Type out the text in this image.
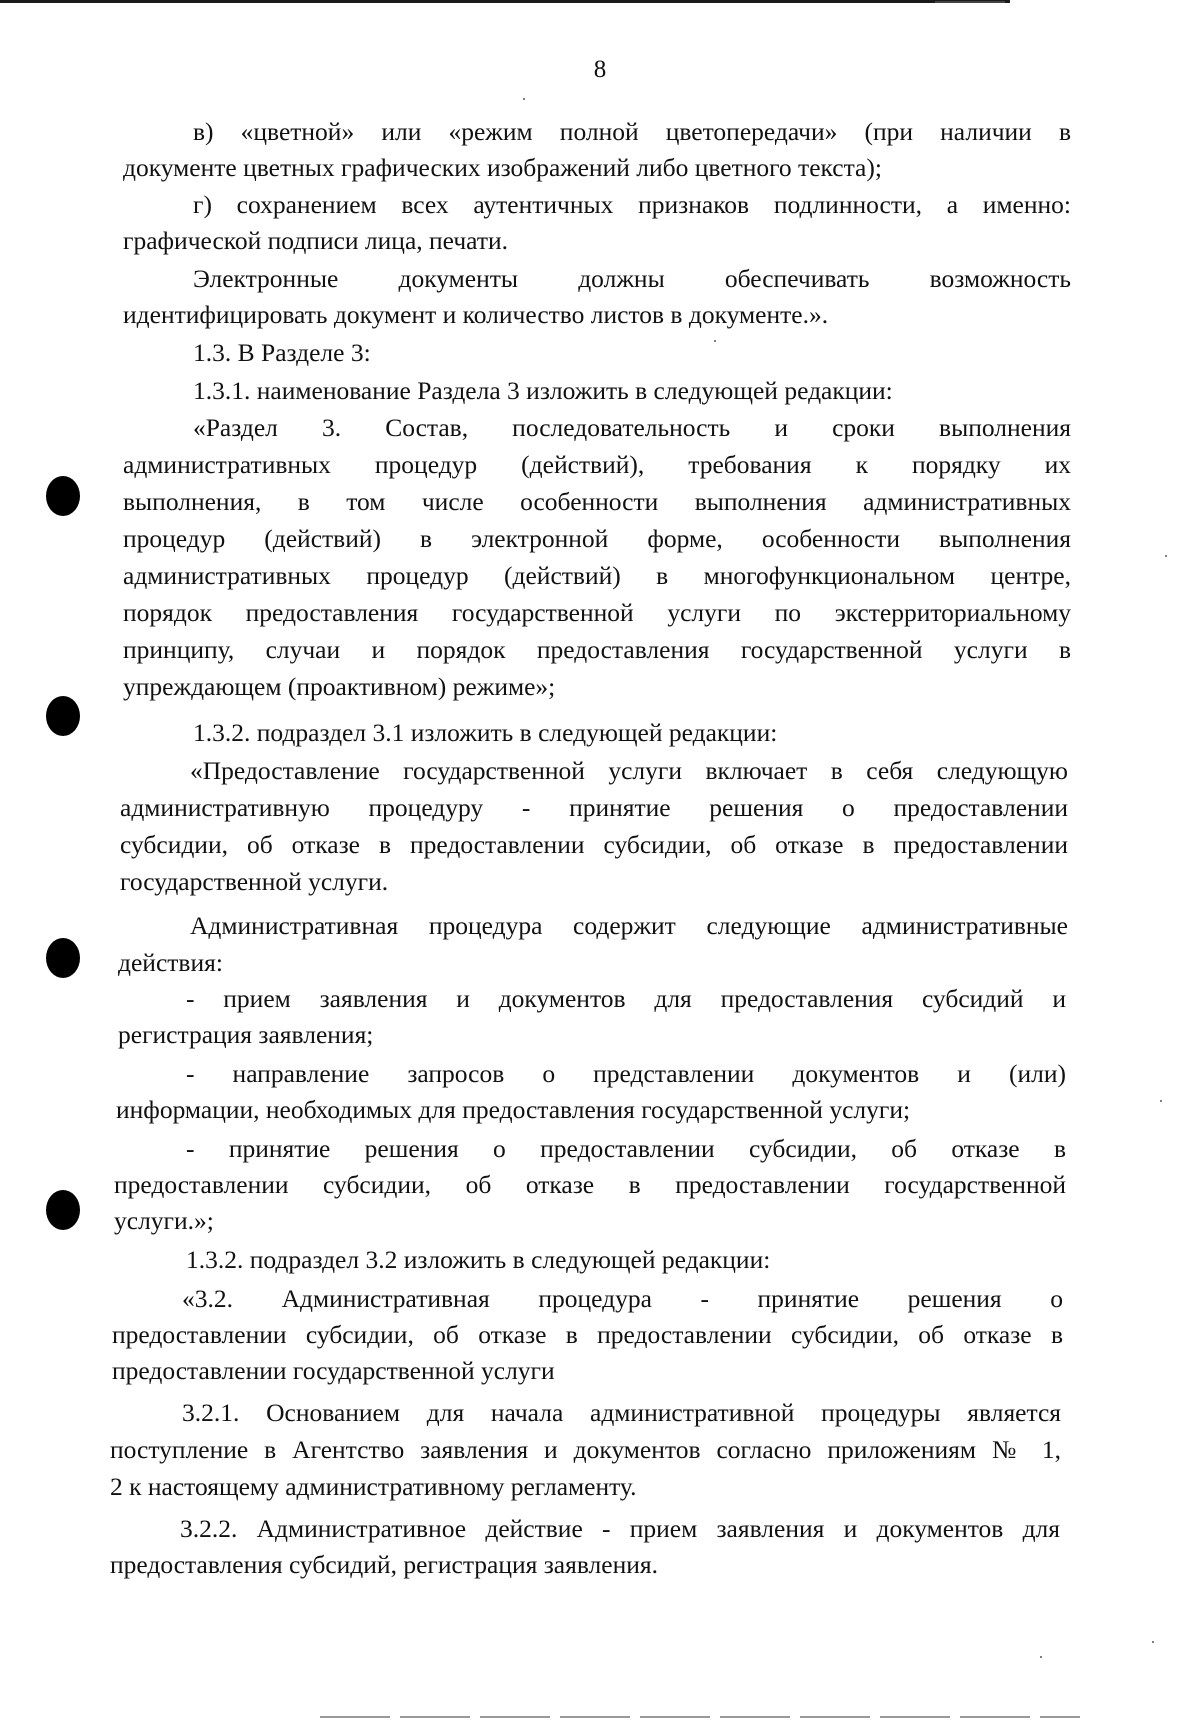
8
в) «цветной» или «режим полной цветопередачи» (при наличии в
документе цветных графических изображений либо цветного текста);
г) сохранением всех аутентичных признаков подлинности, а именно:
графической подписи лица, печати.
Электронные документы должны обеспечивать возможность
идентифицировать документ и количество листов в документе.».
1.3. В Разделе 3:
1.3.1. наименование Раздела 3 изложить в следующей редакции:
«Раздел 3. Состав, последовательность и сроки выполнения
административных процедур (действий), требования к порядку их
выполнения, в том числе особенности выполнения административных
процедур (действий) в электронной форме, особенности выполнения
административных процедур (действий) в многофункциональном центре,
порядок предоставления государственной услуги по экстерриториальному
принципу, случаи и порядок предоставления государственной услуги в
упреждающем (проактивном) режиме»;
1.3.2. подраздел 3.1 изложить в следующей редакции:
«Предоставление государственной услуги включает в себя следующую
административную процедуру - принятие решения о предоставлении
субсидии, об отказе в предоставлении субсидии, об отказе в предоставлении
государственной услуги.
Административная процедура содержит следующие административные
действия:
- прием заявления и документов для предоставления субсидий и
регистрация заявления;
- направление запросов о представлении документов и (или)
информации, необходимых для предоставления государственной услуги;
- принятие решения о предоставлении субсидии, об отказе в
предоставлении субсидии, об отказе в предоставлении государственной
услуги.»;
1.3.2. подраздел 3.2 изложить в следующей редакции:
«3.2. Административная процедура - принятие решения о
предоставлении субсидии, об отказе в предоставлении субсидии, об отказе в
предоставлении государственной услуги
3.2.1. Основанием для начала административной процедуры является
поступление в Агентство заявления и документов согласно приложениям № 1,
2 к настоящему административному регламенту.
3.2.2. Административное действие - прием заявления и документов для
предоставления субсидий, регистрация заявления.
